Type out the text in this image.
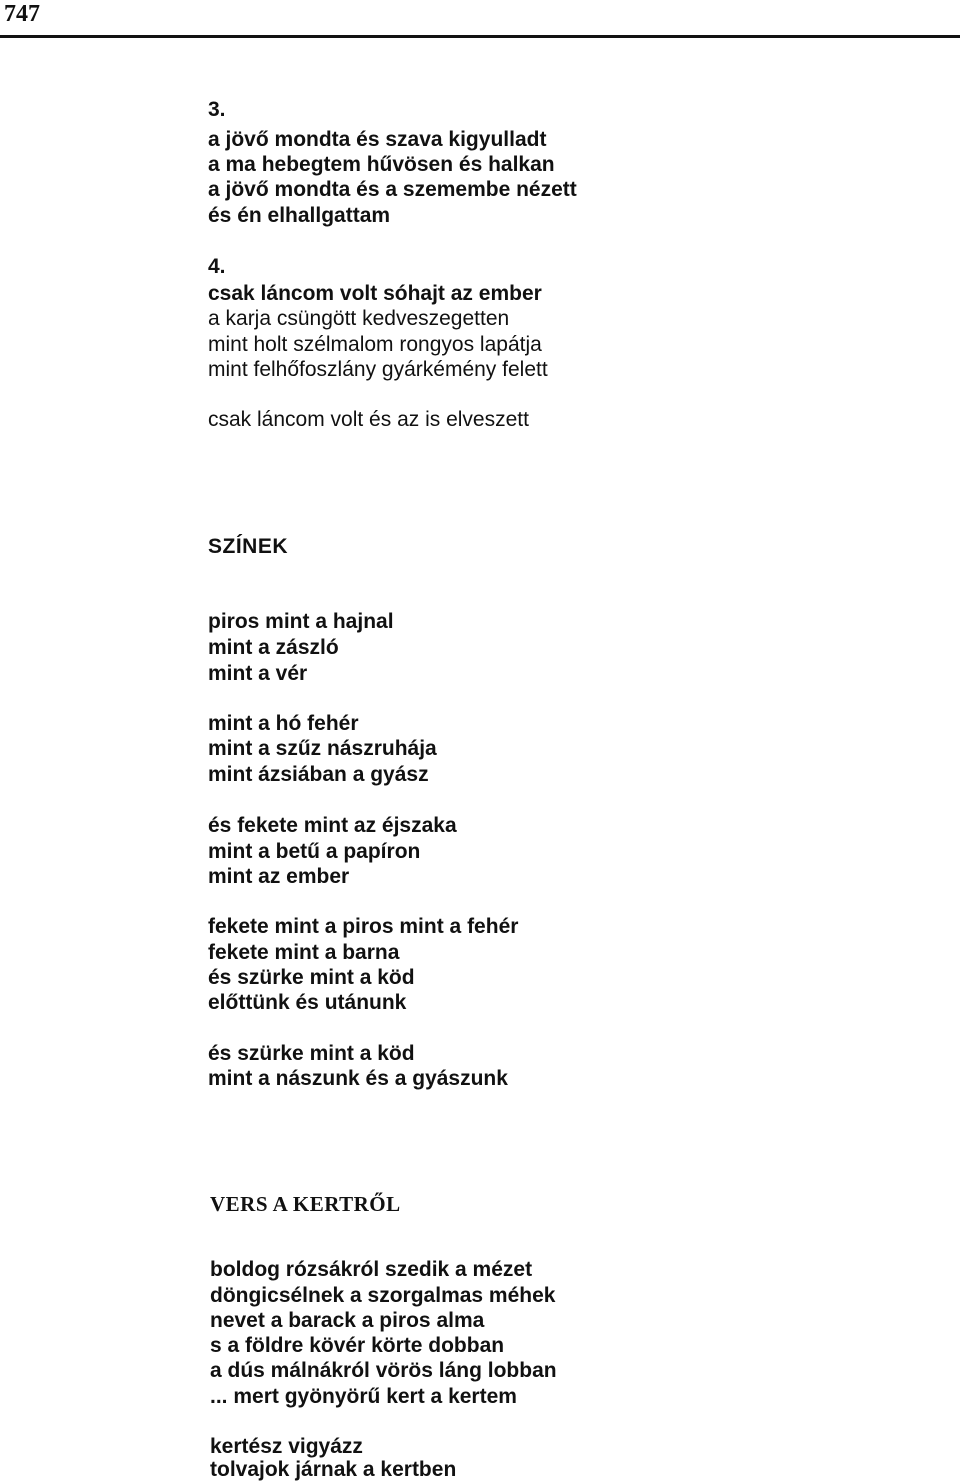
747
3.
a jövő mondta és szava kigyulladt
a ma hebegtem hűvösen és halkan
a jövő mondta és a szemembe nézett
és én elhallgattam
4.
csak láncom volt sóhajt az ember
a karja csüngött kedveszegetten
mint holt szélmalom rongyos lapátja
mint felhőfoszlány gyárkémény felett
csak láncom volt és az is elveszett
SZÍNEK
piros mint a hajnal
mint a zászló
mint a vér
mint a hó fehér
mint a szűz nászruhája
mint ázsiában a gyász
és fekete mint az éjszaka
mint a betű a papíron
mint az ember
fekete mint a piros mint a fehér
fekete mint a barna
és szürke mint a köd
előttünk és utánunk
és szürke mint a köd
mint a nászunk és a gyászunk
VERS A KERTRŐL
boldog rózsákról szedik a mézet
döngicsélnek a szorgalmas méhek
nevet a barack a piros alma
s a földre kövér körte dobban
a dús málnákról vörös láng lobban
... mert gyönyörű kert a kertem
kertész vigyázz
tolvajok járnak a kertben
